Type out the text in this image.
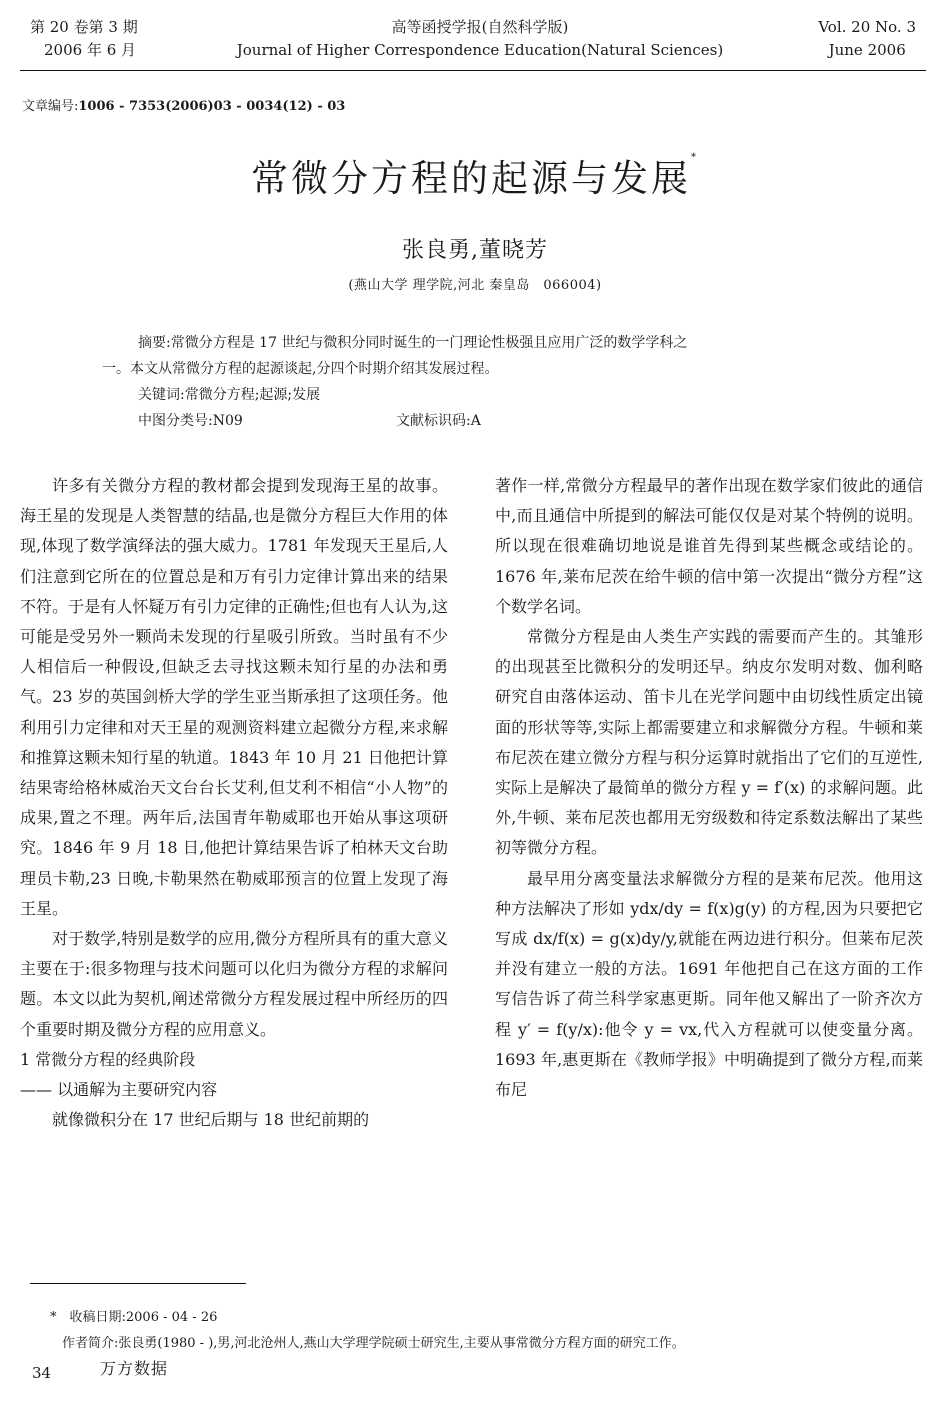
第 20 卷第 3 期
2006 年 6 月
高等函授学报(自然科学版)
Journal of Higher Correspondence Education(Natural Sciences)
Vol. 20 No. 3
June 2006
文章编号:1006 - 7353(2006)03 - 0034(12) - 03
常微分方程的起源与发展*
张良勇,董晓芳
(燕山大学 理学院,河北 秦皇岛　066004)
摘要:常微分方程是 17 世纪与微积分同时诞生的一门理论性极强且应用广泛的数学学科之
一。本文从常微分方程的起源谈起,分四个时期介绍其发展过程。
关键词:常微分方程;起源;发展
中图分类号:N09	文献标识码:A

许多有关微分方程的教材都会提到发现海王星的故事。海王星的发现是人类智慧的结晶,也是微分方程巨大作用的体现,体现了数学演绎法的强大威力。1781 年发现天王星后,人们注意到它所在的位置总是和万有引力定律计算出来的结果不符。于是有人怀疑万有引力定律的正确性;但也有人认为,这可能是受另外一颗尚未发现的行星吸引所致。当时虽有不少人相信后一种假设,但缺乏去寻找这颗未知行星的办法和勇气。23 岁的英国剑桥大学的学生亚当斯承担了这项任务。他利用引力定律和对天王星的观测资料建立起微分方程,来求解和推算这颗未知行星的轨道。1843 年 10 月 21 日他把计算结果寄给格林威治天文台台长艾利,但艾利不相信“小人物”的成果,置之不理。两年后,法国青年勒威耶也开始从事这项研究。1846 年 9 月 18 日,他把计算结果告诉了柏林天文台助理员卡勒,23 日晚,卡勒果然在勒威耶预言的位置上发现了海王星。

对于数学,特别是数学的应用,微分方程所具有的重大意义主要在于:很多物理与技术问题可以化归为微分方程的求解问题。本文以此为契机,阐述常微分方程发展过程中所经历的四个重要时期及微分方程的应用意义。

1 常微分方程的经典阶段
—— 以通解为主要研究内容

就像微积分在 17 世纪后期与 18 世纪前期的

著作一样,常微分方程最早的著作出现在数学家们彼此的通信中,而且通信中所提到的解法可能仅仅是对某个特例的说明。所以现在很难确切地说是谁首先得到某些概念或结论的。1676 年,莱布尼茨在给牛顿的信中第一次提出“微分方程”这个数学名词。

常微分方程是由人类生产实践的需要而产生的。其雏形的出现甚至比微积分的发明还早。纳皮尔发明对数、伽利略研究自由落体运动、笛卡儿在光学问题中由切线性质定出镜面的形状等等,实际上都需要建立和求解微分方程。牛顿和莱布尼茨在建立微分方程与积分运算时就指出了它们的互逆性,实际上是解决了最简单的微分方程 y = f′(x) 的求解问题。此外,牛顿、莱布尼茨也都用无穷级数和待定系数法解出了某些初等微分方程。

最早用分离变量法求解微分方程的是莱布尼茨。他用这种方法解决了形如 ydx/dy = f(x)g(y) 的方程,因为只要把它写成 dx/f(x) = g(x)dy/y,就能在两边进行积分。但莱布尼茨并没有建立一般的方法。1691 年他把自己在这方面的工作写信告诉了荷兰科学家惠更斯。同年他又解出了一阶齐次方程 y′ = f(y/x):他令 y = vx,代入方程就可以使变量分离。1693 年,惠更斯在《教师学报》中明确提到了微分方程,而莱布尼

*　收稿日期:2006 - 04 - 26
作者简介:张良勇(1980 - ),男,河北沧州人,燕山大学理学院硕士研究生,主要从事常微分方程方面的研究工作。
34	万方数据
